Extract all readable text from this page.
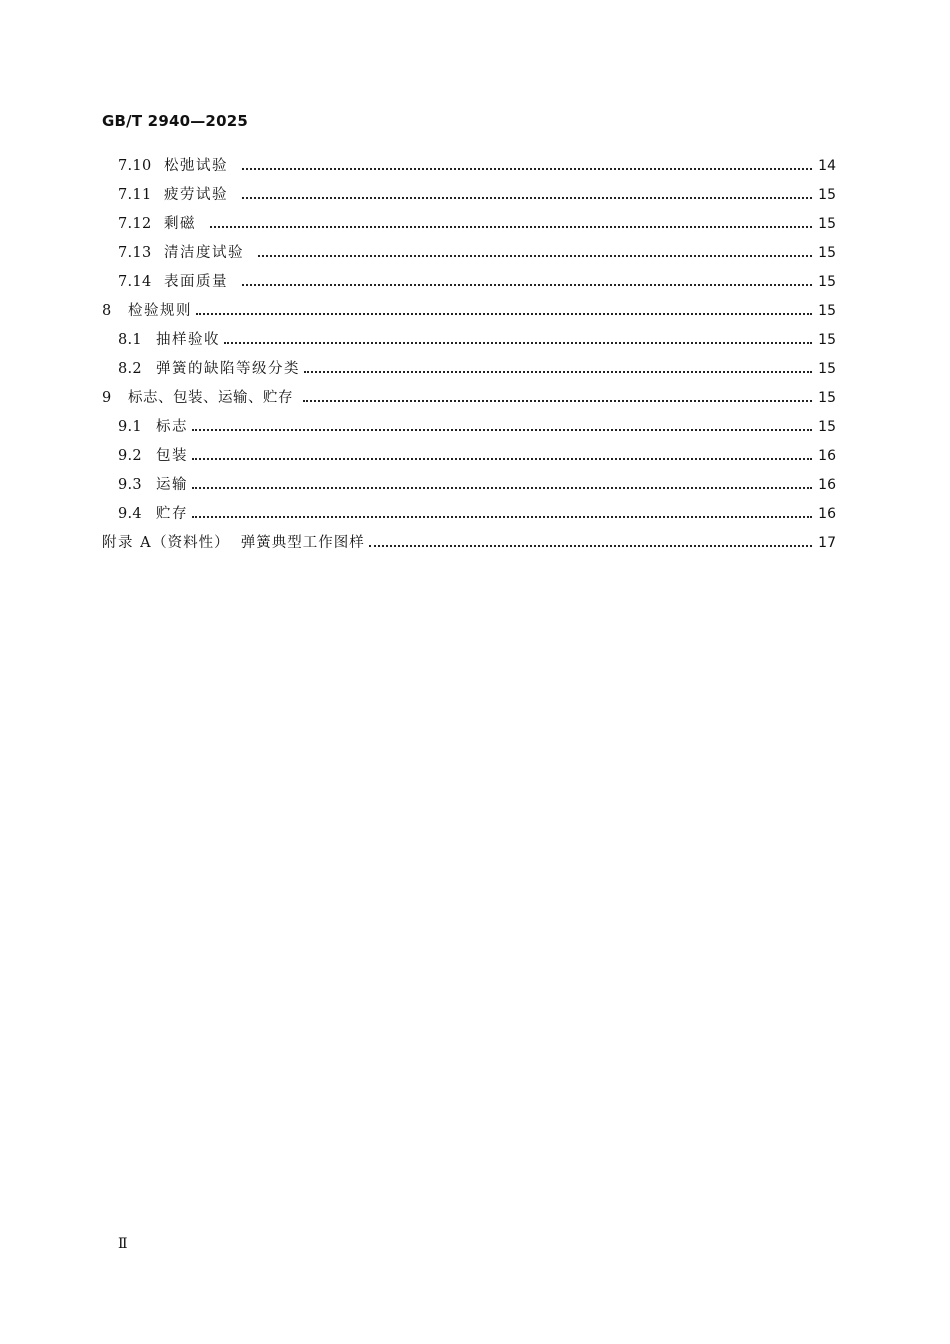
GB/T 2940—2025
7.10 松弛试验	14
7.11 疲劳试验	15
7.12 剩磁	15
7.13 清洁度试验	15
7.14 表面质量	15
8	检验规则	15
8.1 抽样验收	15
8.2 弹簧的缺陷等级分类	15
9	标志、包装、运输、贮存	15
9.1 标志	15
9.2 包装	16
9.3 运输	16
9.4 贮存	16
附录 A （资料性）  弹簧典型工作图样	17
Ⅱ
